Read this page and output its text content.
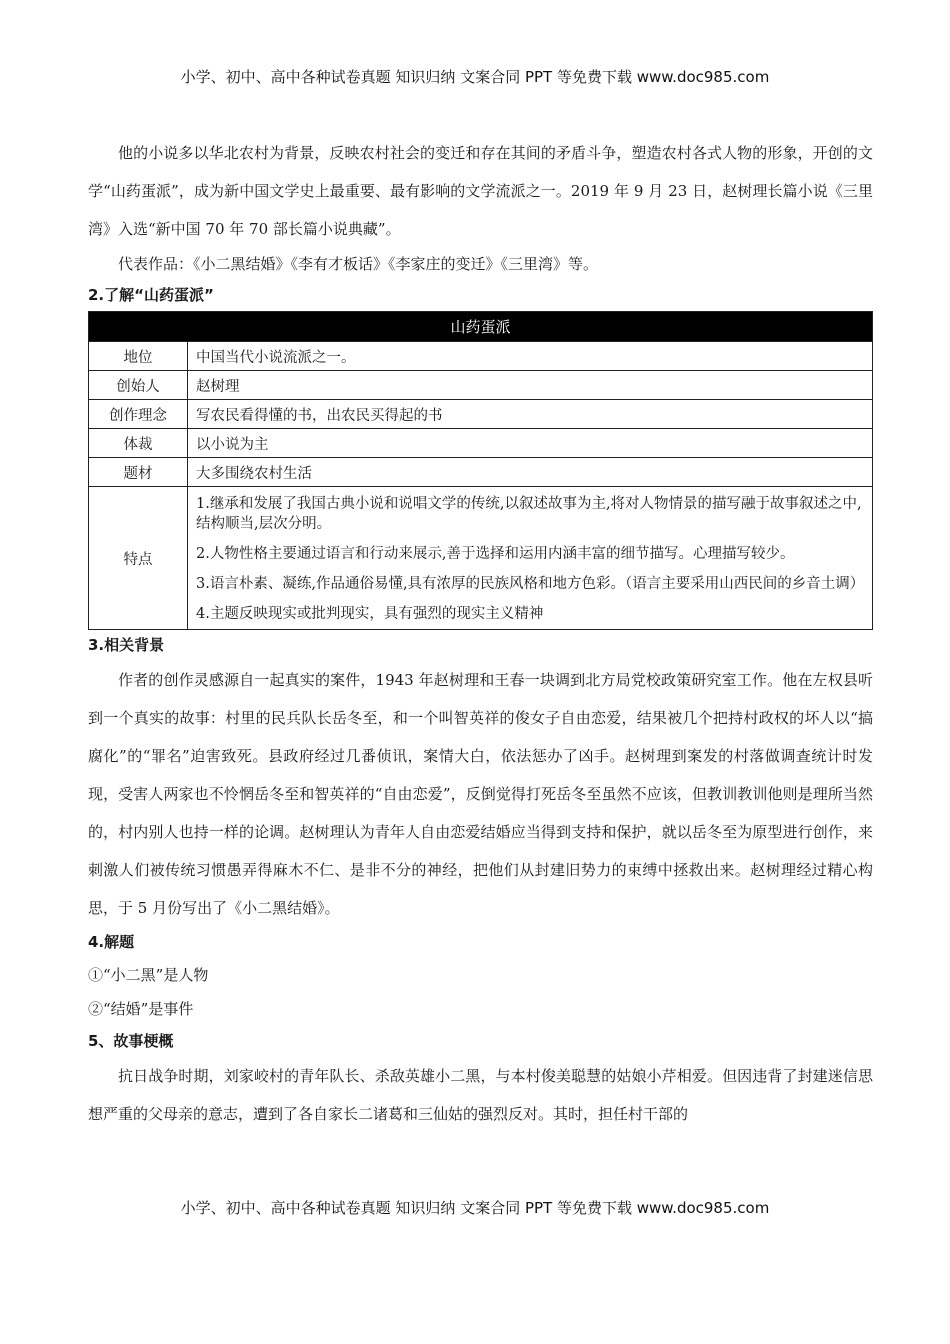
小学、初中、高中各种试卷真题 知识归纳 文案合同 PPT 等免费下载 www.doc985.com

他的小说多以华北农村为背景，反映农村社会的变迁和存在其间的矛盾斗争，塑造农村各式人物的形象，开创的文学“山药蛋派”，成为新中国文学史上最重要、最有影响的文学流派之一。2019 年 9 月 23 日，赵树理长篇小说《三里湾》入选“新中国 70 年 70 部长篇小说典藏”。

代表作品：《小二黑结婚》《李有才板话》《李家庄的变迁》《三里湾》等。

2.了解“山药蛋派”
山药蛋派	
地位	中国当代小说流派之一。
创始人	赵树理
创作理念	写农民看得懂的书，出农民买得起的书
体裁	以小说为主
题材	大多围绕农村生活
特点	1.继承和发展了我国古典小说和说唱文学的传统,以叙述故事为主,将对人物情景的描写融于故事叙述之中,结构顺当,层次分明。
2.人物性格主要通过语言和行动来展示,善于选择和运用内涵丰富的细节描写。心理描写较少。
3.语言朴素、凝练,作品通俗易懂,具有浓厚的民族风格和地方色彩。（语言主要采用山西民间的乡音土调）
4.主题反映现实或批判现实，具有强烈的现实主义精神
3.相关背景

作者的创作灵感源自一起真实的案件，1943 年赵树理和王春一块调到北方局党校政策研究室工作。他在左权县听到一个真实的故事：村里的民兵队长岳冬至，和一个叫智英祥的俊女子自由恋爱，结果被几个把持村政权的坏人以“搞腐化”的“罪名”迫害致死。县政府经过几番侦讯，案情大白，依法惩办了凶手。赵树理到案发的村落做调查统计时发现，受害人两家也不怜惘岳冬至和智英祥的“自由恋爱”，反倒觉得打死岳冬至虽然不应该，但教训教训他则是理所当然的，村内别人也持一样的论调。赵树理认为青年人自由恋爱结婚应当得到支持和保护，就以岳冬至为原型进行创作，来刺激人们被传统习惯愚弄得麻木不仁、是非不分的神经，把他们从封建旧势力的束缚中拯救出来。赵树理经过精心构思，于 5 月份写出了《小二黑结婚》。

4.解题

①“小二黑”是人物

②“结婚”是事件

5、故事梗概

抗日战争时期，刘家峧村的青年队长、杀敌英雄小二黑，与本村俊美聪慧的姑娘小芹相爱。但因违背了封建迷信思想严重的父母亲的意志，遭到了各自家长二诸葛和三仙姑的强烈反对。其时，担任村干部的

小学、初中、高中各种试卷真题 知识归纳 文案合同 PPT 等免费下载 www.doc985.com
